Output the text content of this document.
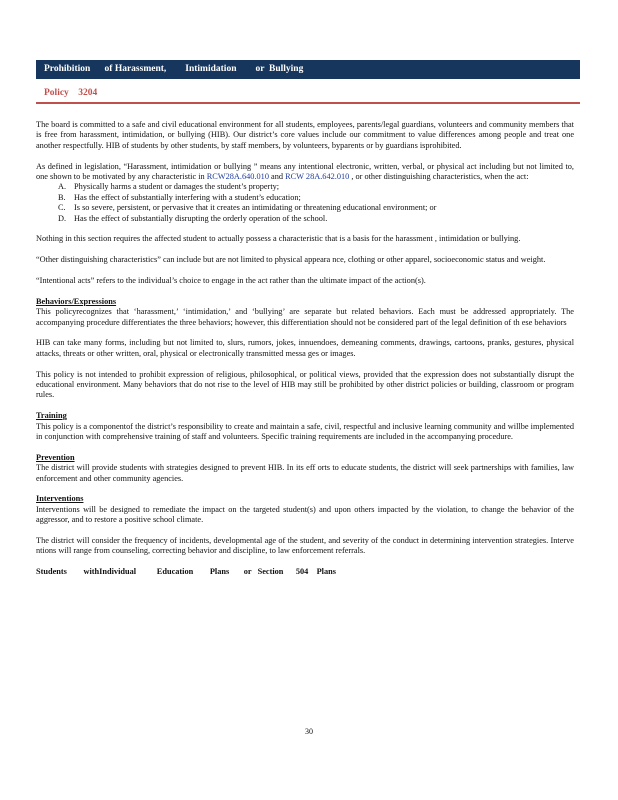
Prohibition      of Harassment,        Intimidation        or  Bullying
Policy    3204

The board is committed to a safe and civil educational environment for all students, employees, parents/legal guardians, volunteers and community members that is free from harassment, intimidation, or bullying (HIB). Our district’s core values include our commitment to value differences among people and treat one another respectfully. HIB of students by other students, by staff members, by volunteers, byparents or by guardians isprohibited.

As defined in legislation, “Harassment, intimidation or bullying ” means any intentional electronic, written, verbal, or physical act including but not limited to, one shown to be motivated by any characteristic in RCW28A.640.010 and RCW 28A.642.010 , or other distinguishing characteristics, when the act:

A. Physically harms a student or damages the student’s property;
B. Has the effect of substantially interfering with a student’s education;
C. Is so severe, persistent, or pervasive that it creates an intimidating or threatening educational environment; or
D. Has the effect of substantially disrupting the orderly operation of the school.

Nothing in this section requires the affected student to actually possess a characteristic that is a basis for the harassment , intimidation or bullying.

“Other distinguishing characteristics” can include but are not limited to physical appeara nce, clothing or other apparel, socioeconomic status and weight.

“Intentional acts” refers to the individual’s choice to engage in the act rather than the ultimate impact of the action(s).

Behaviors/Expressions

This policyrecognizes that ‘harassment,’ ‘intimidation,’ and ‘bullying’ are separate but related behaviors. Each must be addressed appropriately. The accompanying procedure differentiates the three behaviors; however, this differentiation should not be considered part of the legal definition of th ese behaviors

HIB can take many forms, including but not limited to, slurs, rumors, jokes, innuendoes, demeaning comments, drawings, cartoons, pranks, gestures, physical attacks, threats or other written, oral, physical or electronically transmitted messa ges or images.

This policy is not intended to prohibit expression of religious, philosophical, or political views, provided that the expression does not substantially disrupt the educational environment. Many behaviors that do not rise to the level of HIB may still be prohibited by other district policies or building, classroom or program rules.

Training

This policy is a componentof the district’s responsibility to create and maintain a safe, civil, respectful and inclusive learning community and willbe implemented in conjunction with comprehensive training of staff and volunteers. Specific training requirements are included in the accompanying procedure.

Prevention

The district will provide students with strategies designed to prevent HIB. In its eff orts to educate students, the district will seek partnerships with families, law enforcement and other community agencies.

Interventions

Interventions will be designed to remediate the impact on the targeted student(s) and upon others impacted by the violation, to change the behavior of the aggressor, and to restore a positive school climate.

The district will consider the frequency of incidents, developmental age of the student, and severity of the conduct in determining intervention strategies. Interve ntions will range from counseling, correcting behavior and discipline, to law enforcement referrals.

Students        withIndividual          Education        Plans       or   Section      504    Plans
30
